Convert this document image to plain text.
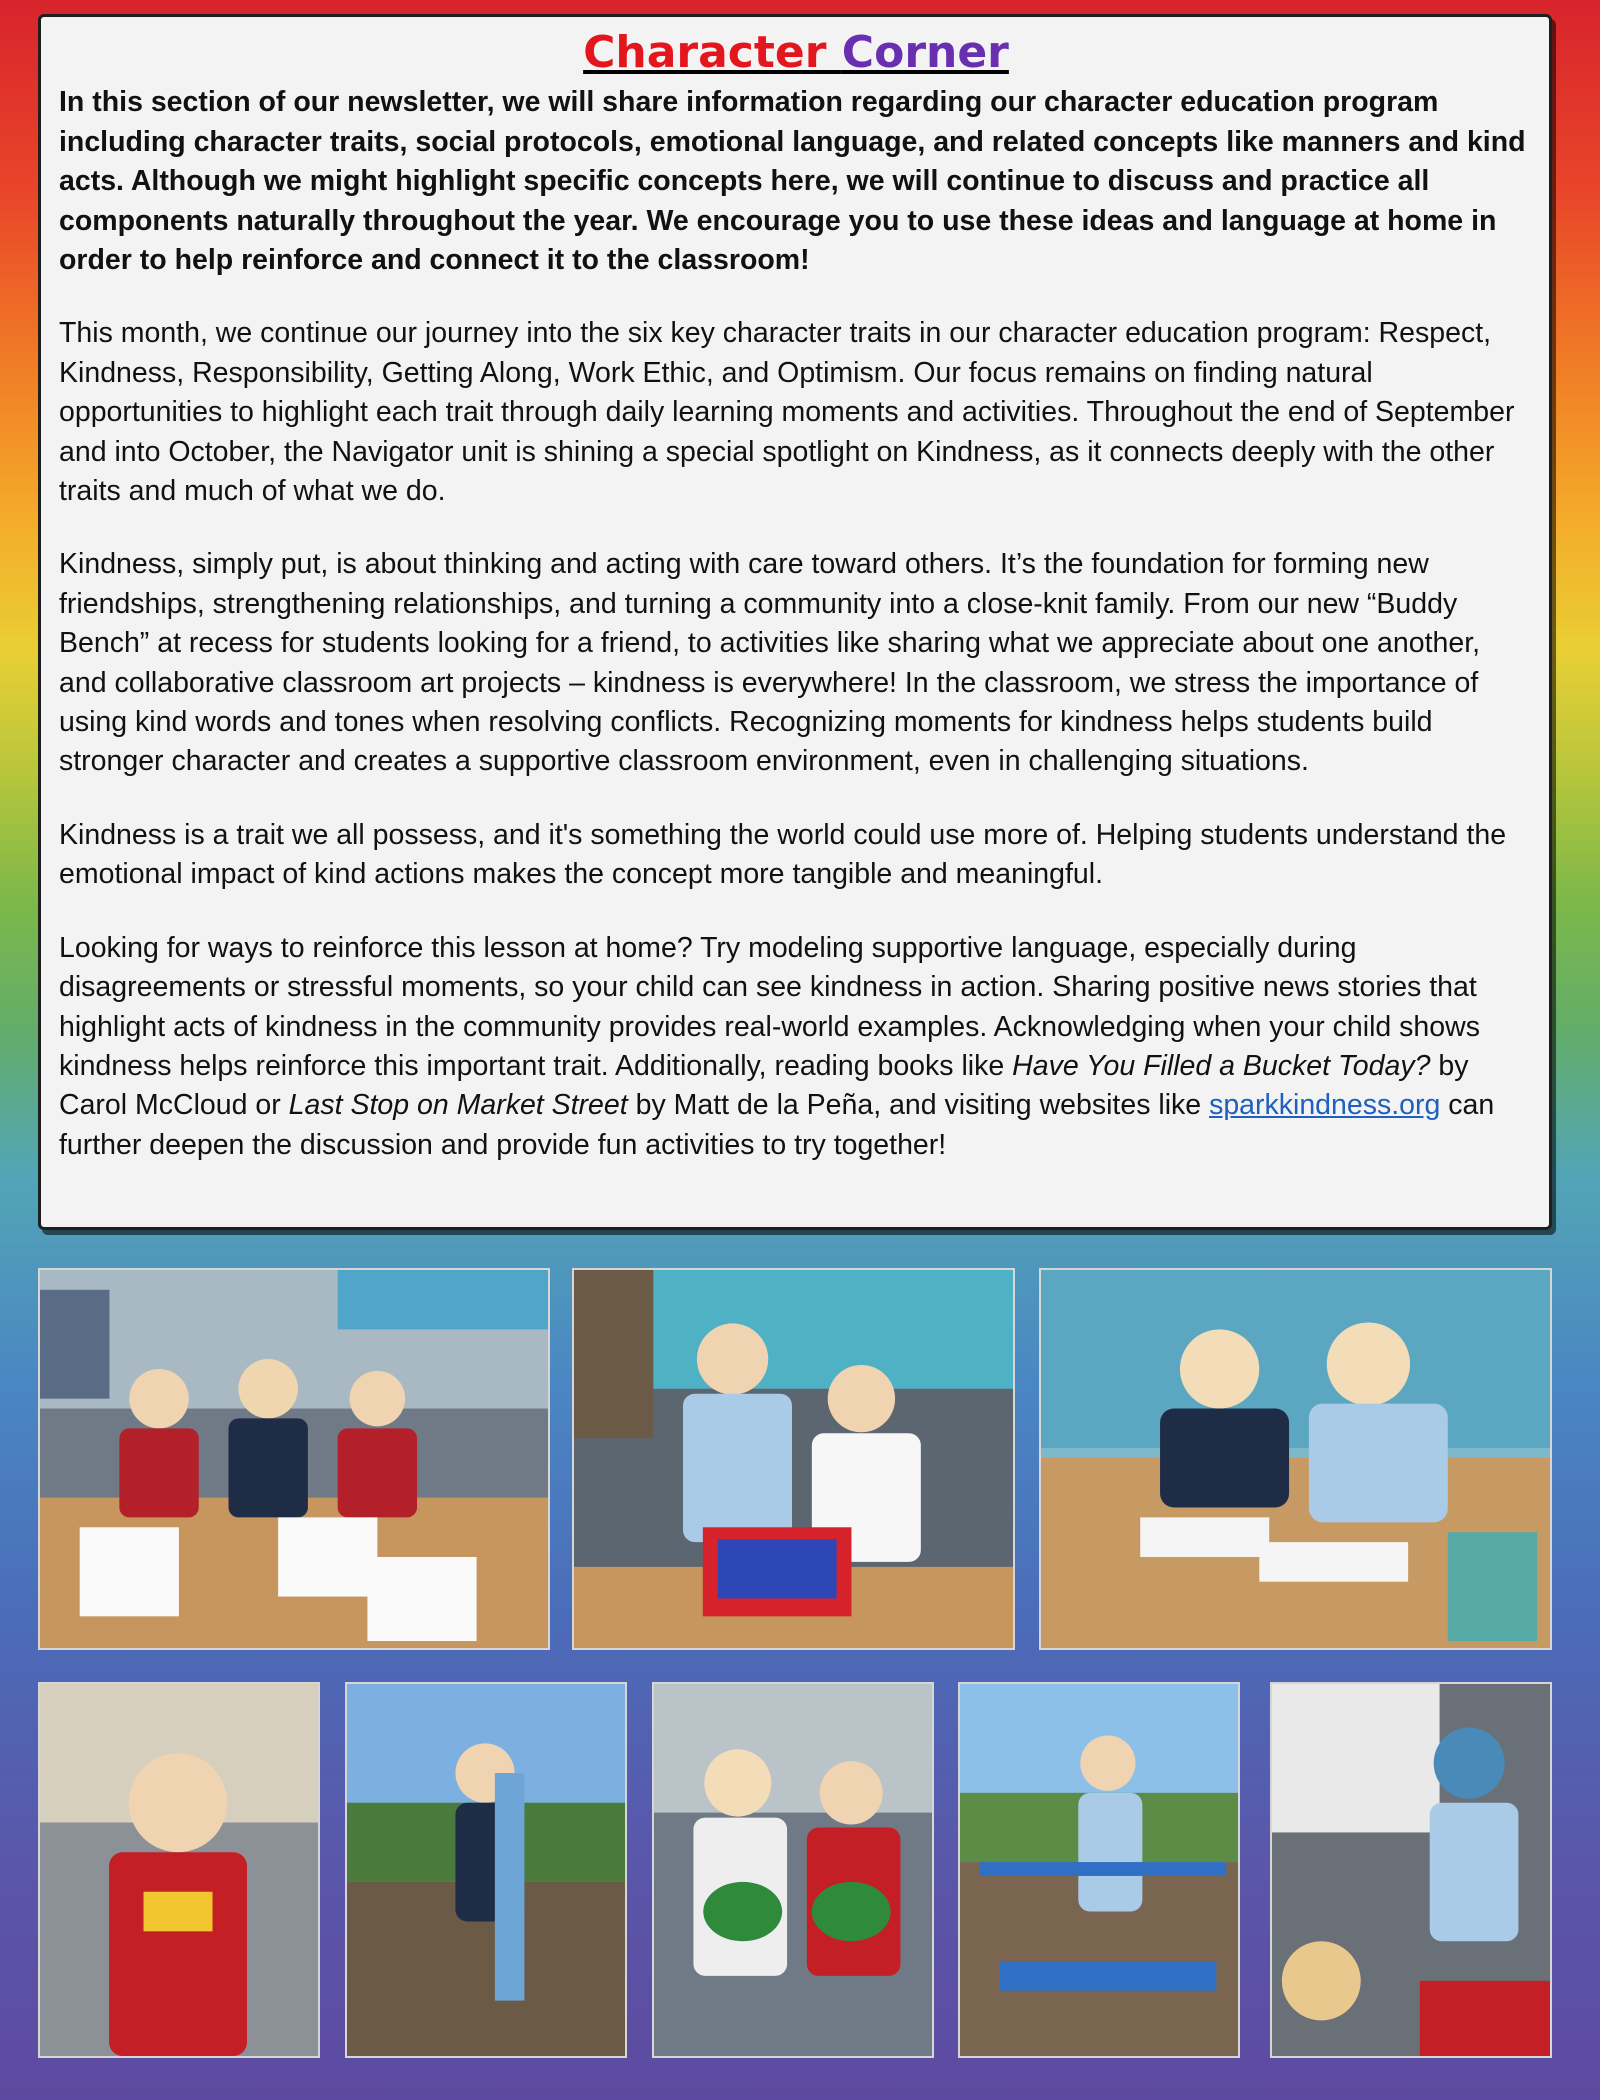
Character Corner

In this section of our newsletter, we will share information regarding our character education program including character traits, social protocols, emotional language, and related concepts like manners and kind acts. Although we might highlight specific concepts here, we will continue to discuss and practice all components naturally throughout the year. We encourage you to use these ideas and language at home in order to help reinforce and connect it to the classroom!

This month, we continue our journey into the six key character traits in our character education program: Respect, Kindness, Responsibility, Getting Along, Work Ethic, and Optimism. Our focus remains on finding natural opportunities to highlight each trait through daily learning moments and activities. Throughout the end of September and into October, the Navigator unit is shining a special spotlight on Kindness, as it connects deeply with the other traits and much of what we do.

Kindness, simply put, is about thinking and acting with care toward others. It’s the foundation for forming new friendships, strengthening relationships, and turning a community into a close-knit family. From our new “Buddy Bench” at recess for students looking for a friend, to activities like sharing what we appreciate about one another, and collaborative classroom art projects – kindness is everywhere! In the classroom, we stress the importance of using kind words and tones when resolving conflicts. Recognizing moments for kindness helps students build stronger character and creates a supportive classroom environment, even in challenging situations.

Kindness is a trait we all possess, and it's something the world could use more of. Helping students understand the emotional impact of kind actions makes the concept more tangible and meaningful.

Looking for ways to reinforce this lesson at home? Try modeling supportive language, especially during disagreements or stressful moments, so your child can see kindness in action. Sharing positive news stories that highlight acts of kindness in the community provides real-world examples. Acknowledging when your child shows kindness helps reinforce this important trait. Additionally, reading books like Have You Filled a Bucket Today? by Carol McCloud or Last Stop on Market Street by Matt de la Peña, and visiting websites like sparkkindness.org can further deepen the discussion and provide fun activities to try together!
